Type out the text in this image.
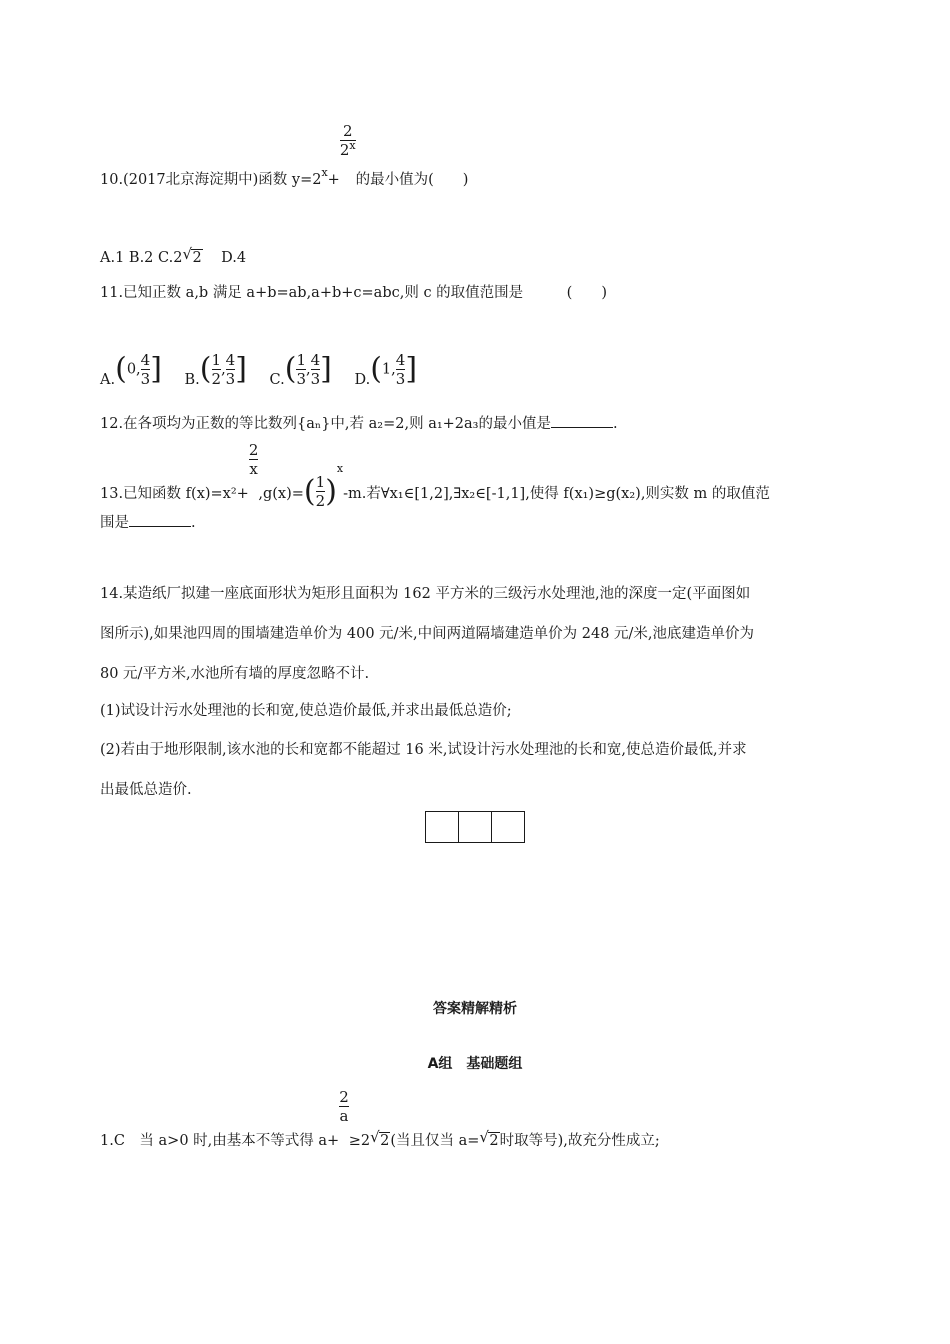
10.(2017北京海淀期中)函数 $y=2_x+$
$\frac{2}{2^x}$
的最小值为(　　)
A.1 B.2 C.2 √ 2 D.4
11.已知正数 a,b 满足 a+b=ab,a+b+c=abc,则 c 的取值范围是　　　(　　)
A.(0, $\frac{4}{3}$ ] $B.( \frac{1}{2}$ , $\frac{4}{3}$ ] $C.( \frac{1}{3}$ , $\frac{4}{3}$ ] D.(1, $\frac{4}{3}$ ]
12.在各项均为正数的等比数列{aₙ}中,若 a₂=2,则 a₁+2a₃的最小值是	.
13.已知函数 f(x)=x²+
$\frac{2}{x}$
$,g(x)=( \frac{1}{2} )_x-m$.若∀x₁∈[1,2],∃x₂∈[-1,1],使得 f(x₁)≥g(x₂),则实数 m 的取值范
围是	.
14.某造纸厂拟建一座底面形状为矩形且面积为 162 平方米的三级污水处理池,池的深度一定(平面图如
图所示),如果池四周的围墙建造单价为 400 元/米,中间两道隔墙建造单价为 248 元/米,池底建造单价为
80 元/平方米,水池所有墙的厚度忽略不计.
(1)试设计污水处理池的长和宽,使总造价最低,并求出最低总造价;
(2)若由于地形限制,该水池的长和宽都不能超过 16 米,试设计污水处理池的长和宽,使总造价最低,并求
出最低总造价.
答案精解精析
A组　基础题组
1.C　当 a>0 时,由基本不等式得 a+
$\frac{2}{a}$
≥2 √ 2(当且仅当 a= √ 2时取等号),故充分性成立;
